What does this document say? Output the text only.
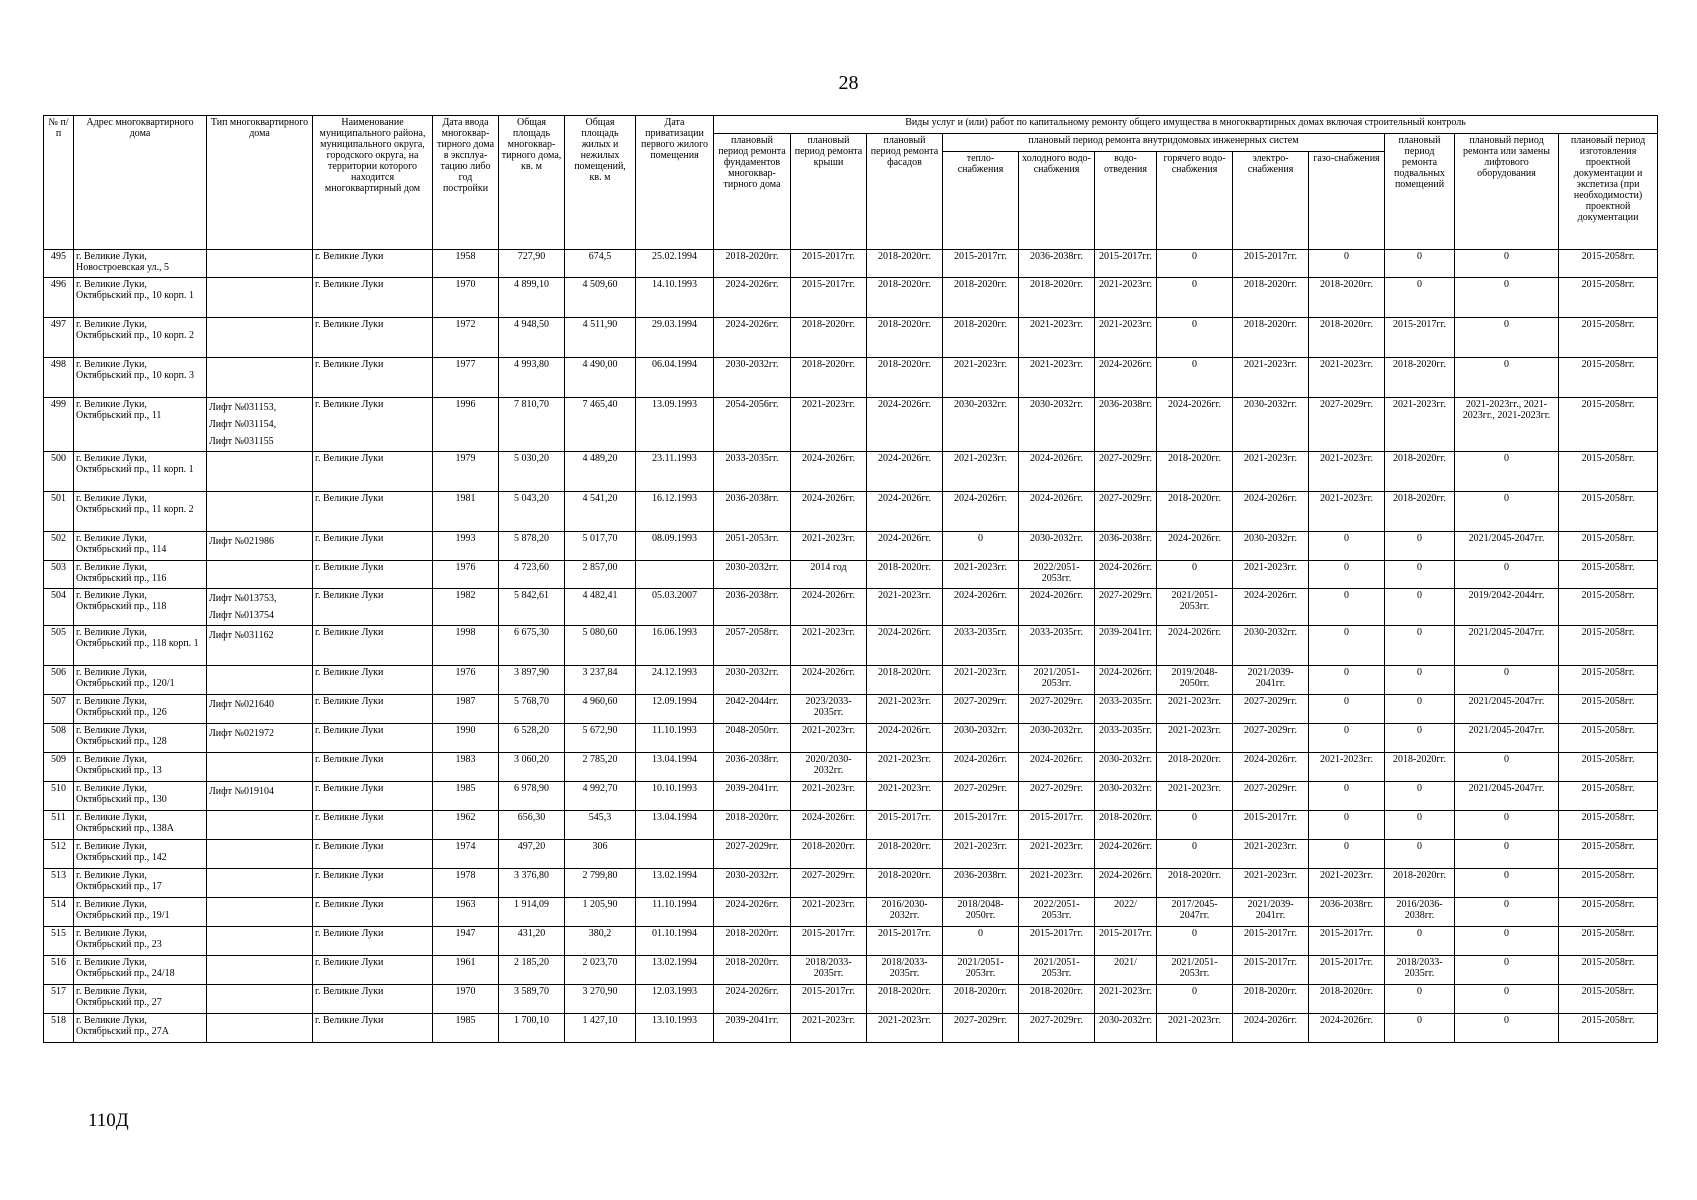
28
№ п/п	Адрес многоквартирного дома	Тип многоквартирного дома	Наименование муниципального района, муниципального округа, городского округа, на территории которого находится многоквартирный дом	Дата ввода многоквар-тирного дома в эксплуа-тацию либо год постройки	Общая площадь многоквар-тирного дома, кв. м	Общая площадь жилых и нежилых помещений, кв. м	Дата приватизации первого жилого помещения	Виды услуг и (или) работ по капитальному ремонту общего имущества в многоквартирных домах включая строительный контроль											
								плановый период ремонта фундаментов многоквар-тирного дома	плановый период ремонта крыши	плановый период ремонта фасадов	плановый период ремонта внутридомовых инженерных систем						плановый период ремонта подвальных помещений	плановый период ремонта или замены лифтового оборудования	плановый период изготовления проектной документации и экспетиза (при необходимости) проектной документации
											тепло-снабжения	холодного водо-снабжения	водо-отведения	горячего водо-снабжения	электро-снабжения	газо-снабжения			
495	г. Великие Луки, Новостроевская ул., 5		г. Великие Луки	1958	727,90	674,5	25.02.1994	2018-2020гг.	2015-2017гг.	2018-2020гг.	2015-2017гг.	2036-2038гг.	2015-2017гг.	0	2015-2017гг.	0	0	0	2015-2058гг.
496	г. Великие Луки, Октябрьский пр., 10 корп. 1		г. Великие Луки	1970	4 899,10	4 509,60	14.10.1993	2024-2026гг.	2015-2017гг.	2018-2020гг.	2018-2020гг.	2018-2020гг.	2021-2023гг.	0	2018-2020гг.	2018-2020гг.	0	0	2015-2058гг.
497	г. Великие Луки, Октябрьский пр., 10 корп. 2		г. Великие Луки	1972	4 948,50	4 511,90	29.03.1994	2024-2026гг.	2018-2020гг.	2018-2020гг.	2018-2020гг.	2021-2023гг.	2021-2023гг.	0	2018-2020гг.	2018-2020гг.	2015-2017гг.	0	2015-2058гг.
498	г. Великие Луки, Октябрьский пр., 10 корп. 3		г. Великие Луки	1977	4 993,80	4 490,00	06.04.1994	2030-2032гг.	2018-2020гг.	2018-2020гг.	2021-2023гг.	2021-2023гг.	2024-2026гг.	0	2021-2023гг.	2021-2023гг.	2018-2020гг.	0	2015-2058гг.
499	г. Великие Луки, Октябрьский пр., 11	Лифт №031153,
Лифт №031154,
Лифт №031155	г. Великие Луки	1996	7 810,70	7 465,40	13.09.1993	2054-2056гг.	2021-2023гг.	2024-2026гг.	2030-2032гг.	2030-2032гг.	2036-2038гг.	2024-2026гг.	2030-2032гг.	2027-2029гг.	2021-2023гг.	2021-2023гг., 2021-2023гг., 2021-2023гг.	2015-2058гг.
500	г. Великие Луки, Октябрьский пр., 11 корп. 1		г. Великие Луки	1979	5 030,20	4 489,20	23.11.1993	2033-2035гг.	2024-2026гг.	2024-2026гг.	2021-2023гг.	2024-2026гг.	2027-2029гг.	2018-2020гг.	2021-2023гг.	2021-2023гг.	2018-2020гг.	0	2015-2058гг.
501	г. Великие Луки, Октябрьский пр., 11 корп. 2		г. Великие Луки	1981	5 043,20	4 541,20	16.12.1993	2036-2038гг.	2024-2026гг.	2024-2026гг.	2024-2026гг.	2024-2026гг.	2027-2029гг.	2018-2020гг.	2024-2026гг.	2021-2023гг.	2018-2020гг.	0	2015-2058гг.
502	г. Великие Луки, Октябрьский пр., 114	Лифт №021986	г. Великие Луки	1993	5 878,20	5 017,70	08.09.1993	2051-2053гг.	2021-2023гг.	2024-2026гг.	0	2030-2032гг.	2036-2038гг.	2024-2026гг.	2030-2032гг.	0	0	2021/2045-2047гг.	2015-2058гг.
503	г. Великие Луки, Октябрьский пр., 116		г. Великие Луки	1976	4 723,60	2 857,00		2030-2032гг.	2014 год	2018-2020гг.	2021-2023гг.	2022/2051-2053гг.	2024-2026гг.	0	2021-2023гг.	0	0	0	2015-2058гг.
504	г. Великие Луки, Октябрьский пр., 118	Лифт №013753,
Лифт №013754	г. Великие Луки	1982	5 842,61	4 482,41	05.03.2007	2036-2038гг.	2024-2026гг.	2021-2023гг.	2024-2026гг.	2024-2026гг.	2027-2029гг.	2021/2051-2053гг.	2024-2026гг.	0	0	2019/2042-2044гг.	2015-2058гг.
505	г. Великие Луки, Октябрьский пр., 118 корп. 1	Лифт №031162	г. Великие Луки	1998	6 675,30	5 080,60	16.06.1993	2057-2058гг.	2021-2023гг.	2024-2026гг.	2033-2035гг.	2033-2035гг.	2039-2041гг.	2024-2026гг.	2030-2032гг.	0	0	2021/2045-2047гг.	2015-2058гг.
506	г. Великие Луки, Октябрьский пр., 120/1		г. Великие Луки	1976	3 897,90	3 237,84	24.12.1993	2030-2032гг.	2024-2026гг.	2018-2020гг.	2021-2023гг.	2021/2051-2053гг.	2024-2026гг.	2019/2048-2050гг.	2021/2039-2041гг.	0	0	0	2015-2058гг.
507	г. Великие Луки, Октябрьский пр., 126	Лифт №021640	г. Великие Луки	1987	5 768,70	4 960,60	12.09.1994	2042-2044гг.	2023/2033-2035гг.	2021-2023гг.	2027-2029гг.	2027-2029гг.	2033-2035гг.	2021-2023гг.	2027-2029гг.	0	0	2021/2045-2047гг.	2015-2058гг.
508	г. Великие Луки, Октябрьский пр., 128	Лифт №021972	г. Великие Луки	1990	6 528,20	5 672,90	11.10.1993	2048-2050гг.	2021-2023гг.	2024-2026гг.	2030-2032гг.	2030-2032гг.	2033-2035гг.	2021-2023гг.	2027-2029гг.	0	0	2021/2045-2047гг.	2015-2058гг.
509	г. Великие Луки, Октябрьский пр., 13		г. Великие Луки	1983	3 060,20	2 785,20	13.04.1994	2036-2038гг.	2020/2030-2032гг.	2021-2023гг.	2024-2026гг.	2024-2026гг.	2030-2032гг.	2018-2020гг.	2024-2026гг.	2021-2023гг.	2018-2020гг.	0	2015-2058гг.
510	г. Великие Луки, Октябрьский пр., 130	Лифт №019104	г. Великие Луки	1985	6 978,90	4 992,70	10.10.1993	2039-2041гг.	2021-2023гг.	2021-2023гг.	2027-2029гг.	2027-2029гг.	2030-2032гг.	2021-2023гг.	2027-2029гг.	0	0	2021/2045-2047гг.	2015-2058гг.
511	г. Великие Луки, Октябрьский пр., 138А		г. Великие Луки	1962	656,30	545,3	13.04.1994	2018-2020гг.	2024-2026гг.	2015-2017гг.	2015-2017гг.	2015-2017гг.	2018-2020гг.	0	2015-2017гг.	0	0	0	2015-2058гг.
512	г. Великие Луки, Октябрьский пр., 142		г. Великие Луки	1974	497,20	306		2027-2029гг.	2018-2020гг.	2018-2020гг.	2021-2023гг.	2021-2023гг.	2024-2026гг.	0	2021-2023гг.	0	0	0	2015-2058гг.
513	г. Великие Луки, Октябрьский пр., 17		г. Великие Луки	1978	3 376,80	2 799,80	13.02.1994	2030-2032гг.	2027-2029гг.	2018-2020гг.	2036-2038гг.	2021-2023гг.	2024-2026гг.	2018-2020гг.	2021-2023гг.	2021-2023гг.	2018-2020гг.	0	2015-2058гг.
514	г. Великие Луки, Октябрьский пр., 19/1		г. Великие Луки	1963	1 914,09	1 205,90	11.10.1994	2024-2026гг.	2021-2023гг.	2016/2030-2032гг.	2018/2048-2050гг.	2022/2051-2053гг.	2022/	2017/2045-2047гг.	2021/2039-2041гг.	2036-2038гг.	2016/2036-2038гг.	0	2015-2058гг.
515	г. Великие Луки, Октябрьский пр., 23		г. Великие Луки	1947	431,20	380,2	01.10.1994	2018-2020гг.	2015-2017гг.	2015-2017гг.	0	2015-2017гг.	2015-2017гг.	0	2015-2017гг.	2015-2017гг.	0	0	2015-2058гг.
516	г. Великие Луки, Октябрьский пр., 24/18		г. Великие Луки	1961	2 185,20	2 023,70	13.02.1994	2018-2020гг.	2018/2033-2035гг.	2018/2033-2035гг.	2021/2051-2053гг.	2021/2051-2053гг.	2021/	2021/2051-2053гг.	2015-2017гг.	2015-2017гг.	2018/2033-2035гг.	0	2015-2058гг.
517	г. Великие Луки, Октябрьский пр., 27		г. Великие Луки	1970	3 589,70	3 270,90	12.03.1993	2024-2026гг.	2015-2017гг.	2018-2020гг.	2018-2020гг.	2018-2020гг.	2021-2023гг.	0	2018-2020гг.	2018-2020гг.	0	0	2015-2058гг.
518	г. Великие Луки, Октябрьский пр., 27А		г. Великие Луки	1985	1 700,10	1 427,10	13.10.1993	2039-2041гг.	2021-2023гг.	2021-2023гг.	2027-2029гг.	2027-2029гг.	2030-2032гг.	2021-2023гг.	2024-2026гг.	2024-2026гг.	0	0	2015-2058гг.
110Д
